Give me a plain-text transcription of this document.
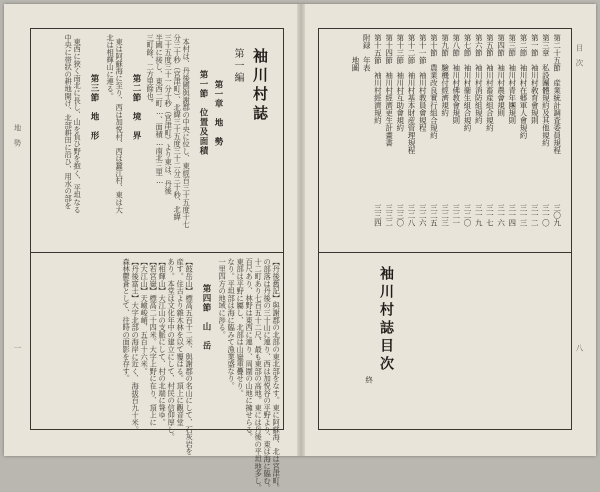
地　勢
一
袖川村誌
第一編
第一章　地　勢
第一節　位置及面積
本村は、丹後國與謝郡の中央に位し、東經百三十五度十七
分三十秒（宮津町）、北緯三十五度三十二分三十秒、北緯
三十五度三十一分十秒（宮津町）より東は、丹後
半國に接し、東西二町…、面積…南北三里…
三町餘、二方里餘也。
第二節　境　界
東は阿蘇海に至り、西は加悦村、西は蠶江村、東は大
北は相輝山に連る。
第三節　地　形
東西に狹く南北に長し、山を負ひ野を抱く、平坦なる
中央に帯狀の耕地開け、北部耕田に沿ひ、用水の部を
【丹後舊記】與謝郡の北部の東北部をなす。東に阿蘇海、北は宮津町。
の部落は丹後の三十山に連り、西は加悦谷の平野より、東は海に臨む。
十二町あり七百五十二尺、最も東部の高地。東には丹後の平坦地多し。
百尺あり、林野は東西に連り、周圍の山地に擁せらる。
東部は平野に屬し、北部は山嶽重疊せり。
なり。平坦部は海に臨みて漁業盛なり。
一里四方の地域に渉る。
第四節　山　岳
【鼓岳山】標高五百十二米、與謝郡の名山にして、石灰岩を
産す。住古より雜木林を以て覆はる。頂上に觀音堂
あり。本堂は文化年中の建立にして、村民の信仰厚し。
【相輝山】大江山の支脈にして、村の北端に聳ゆ。
【若宮嶽】標高二十四米。大字上野に在り、頂上に
【大江山】天嶮峻峭、五百十六米。
【丹後富士】大字北部の海岸に近く、海拔百九十米。
森林鬱蒼として、往時の面影を存す。
目　次
八
袖川村誌目次
終
第二十五節　産業統計調査委員規程
三〇九
第三章　私設團體規約及其他規約
三一〇
第一節　袖川村敎育會規則
三一二
第二節　袖川村在郷軍人會規約
三一三
第三節　袖川村青年團規則
三一四
第四節　袖川村農會規則
三一六
第五節　袖川村畜産組合規約
三一七
第六節　袖川村消防組規約
三一九
第七節　袖川村衞生組合規約
三二〇
第八節　袖川村佛教會規則
三二一
第九節　驗機付經濟規約
三二三
第十節　農業改良實行組合規約
三二五
第十一節　袖川村教員會規程
三二六
第十二節　袖川村基本財産管理規程
三二八
第十三節　袖川村互助會規約
三三〇
第十四節　袖川村經濟更生計畫書
三三二
第十五節　袖川村經濟規約
三三四
附録　年表
　　　地圖
